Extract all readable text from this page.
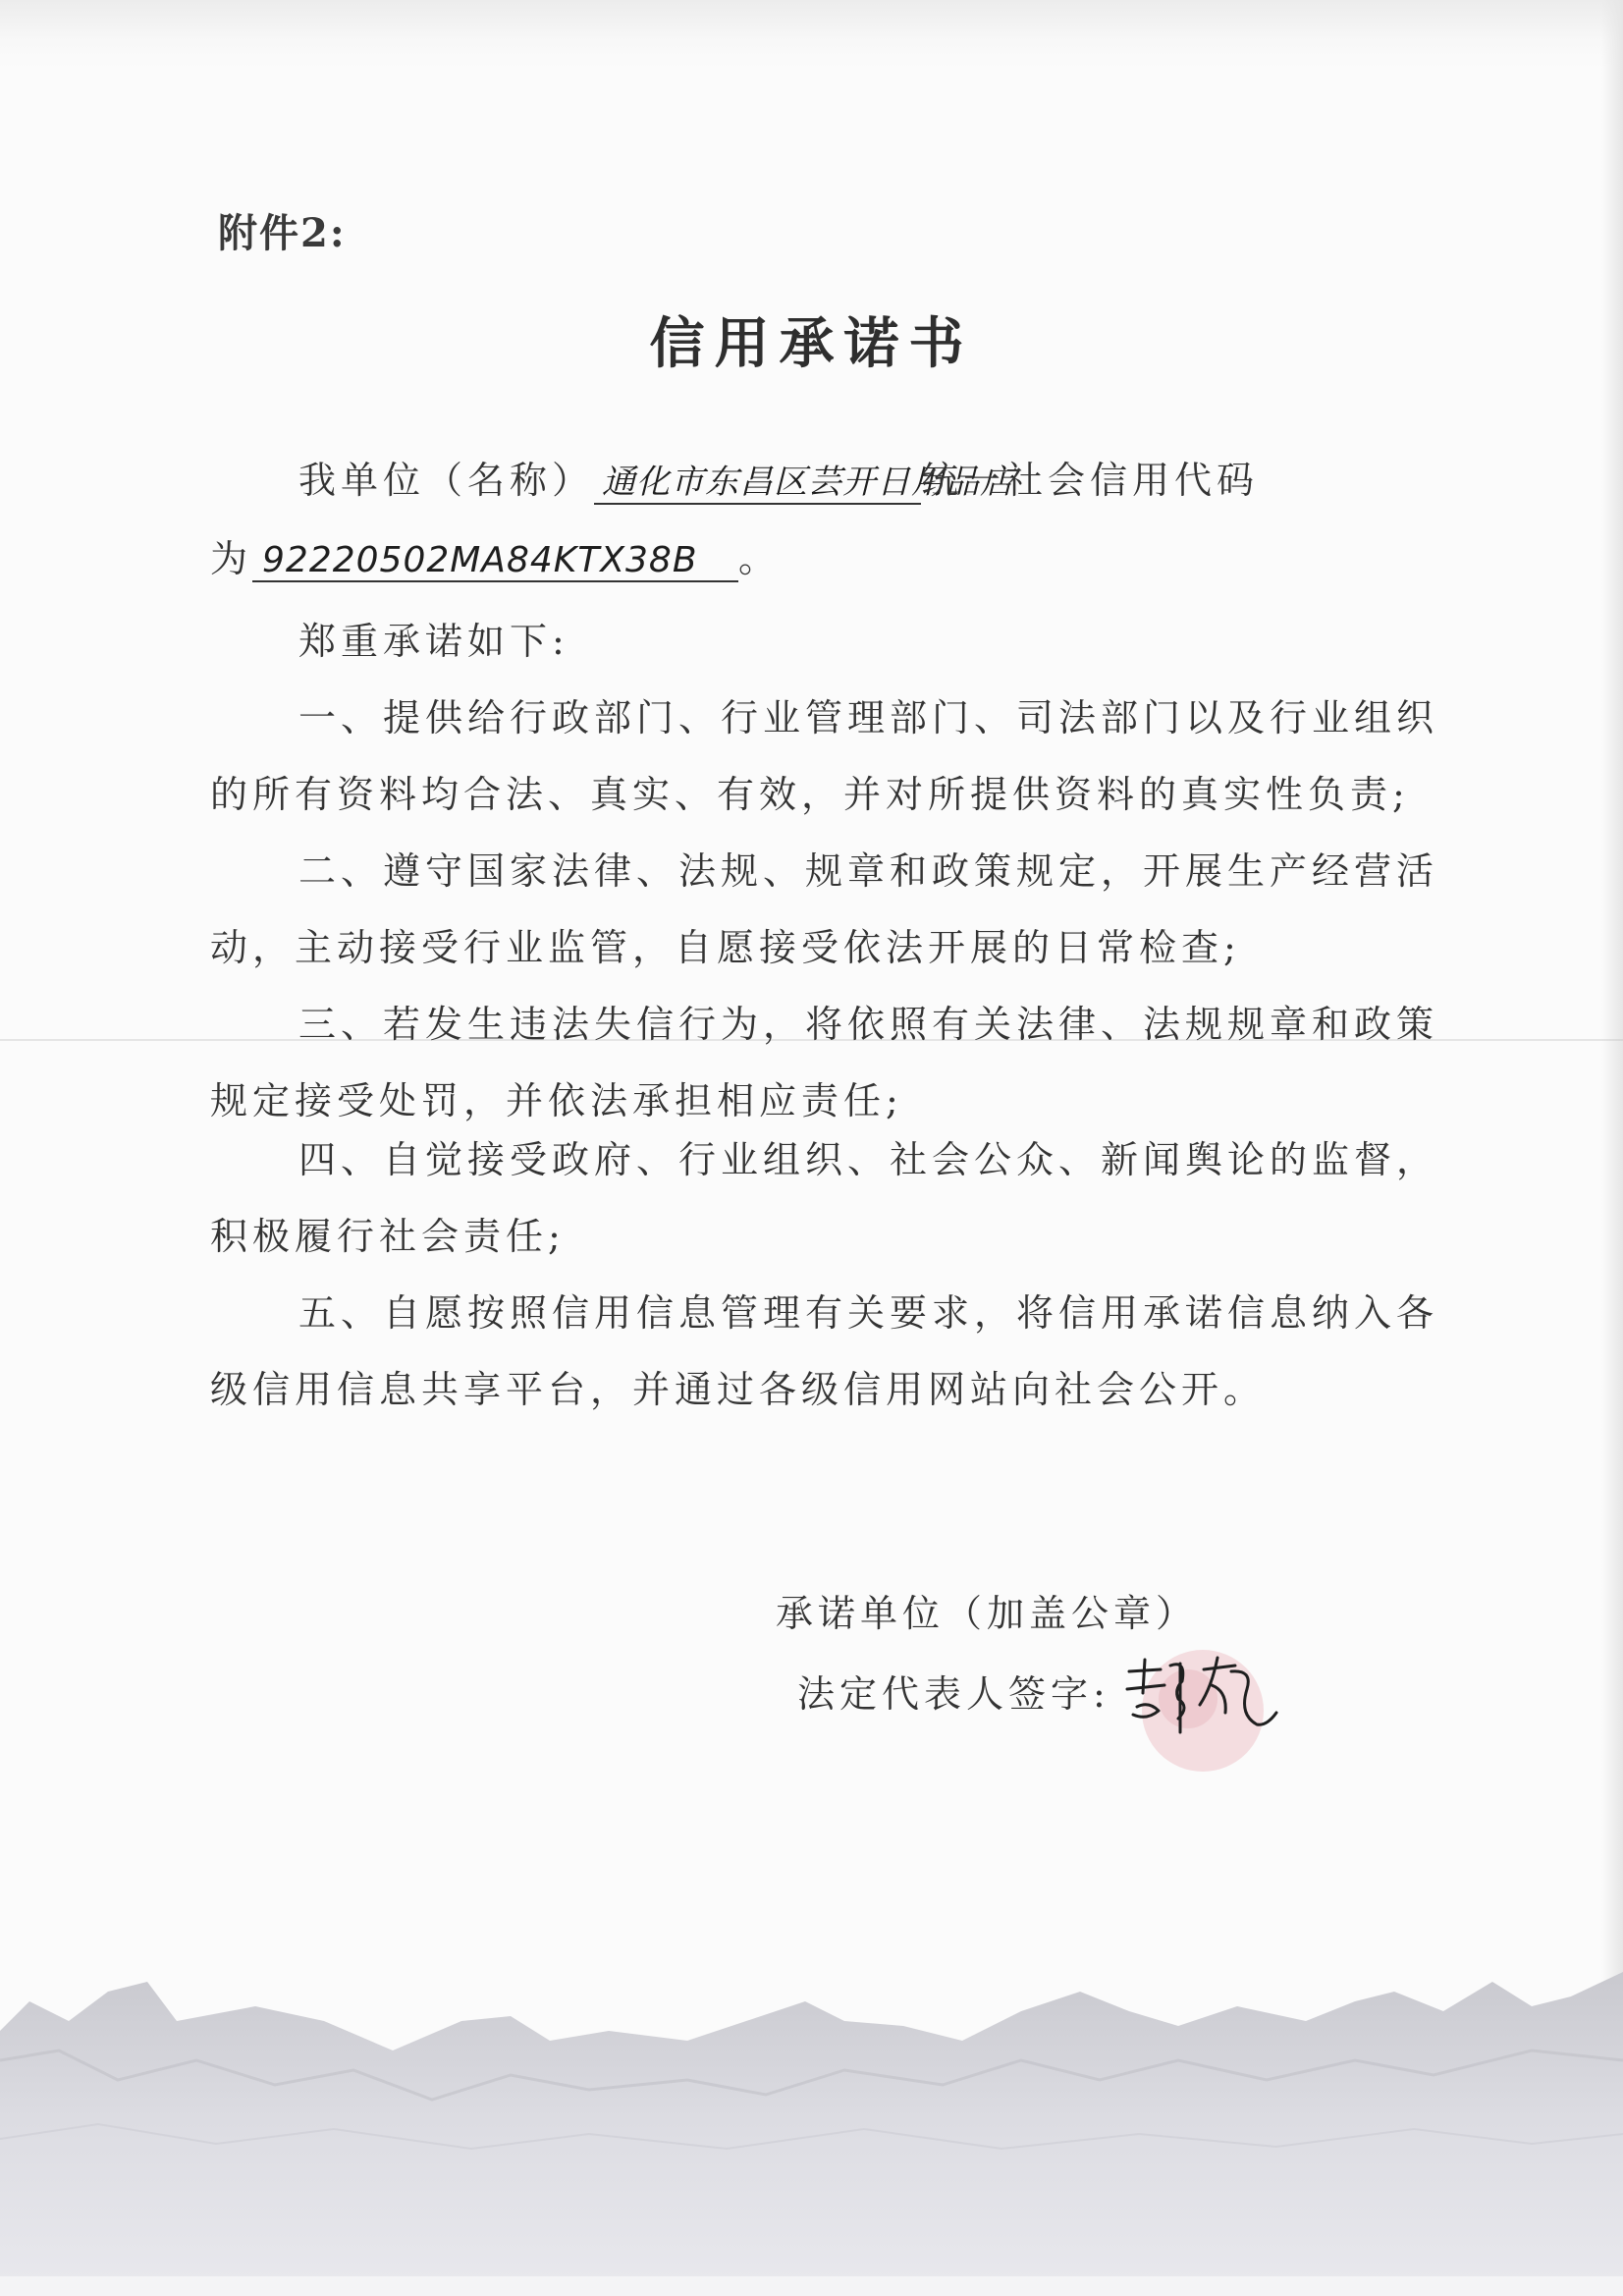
附件2:
信用承诺书
我单位（名称） 通化市东昌区芸开日用品店统一社会信用代码
为 92220502MA84KTX38B 。
郑重承诺如下:
一、提供给行政部门、行业管理部门、司法部门以及行业组织
的所有资料均合法、真实、有效，并对所提供资料的真实性负责;
二、遵守国家法律、法规、规章和政策规定，开展生产经营活
动，主动接受行业监管，自愿接受依法开展的日常检查;
三、若发生违法失信行为，将依照有关法律、法规规章和政策
规定接受处罚，并依法承担相应责任;
四、自觉接受政府、行业组织、社会公众、新闻舆论的监督，
积极履行社会责任;
五、自愿按照信用信息管理有关要求，将信用承诺信息纳入各
级信用信息共享平台，并通过各级信用网站向社会公开。
承诺单位（加盖公章）
法定代表人签字:
